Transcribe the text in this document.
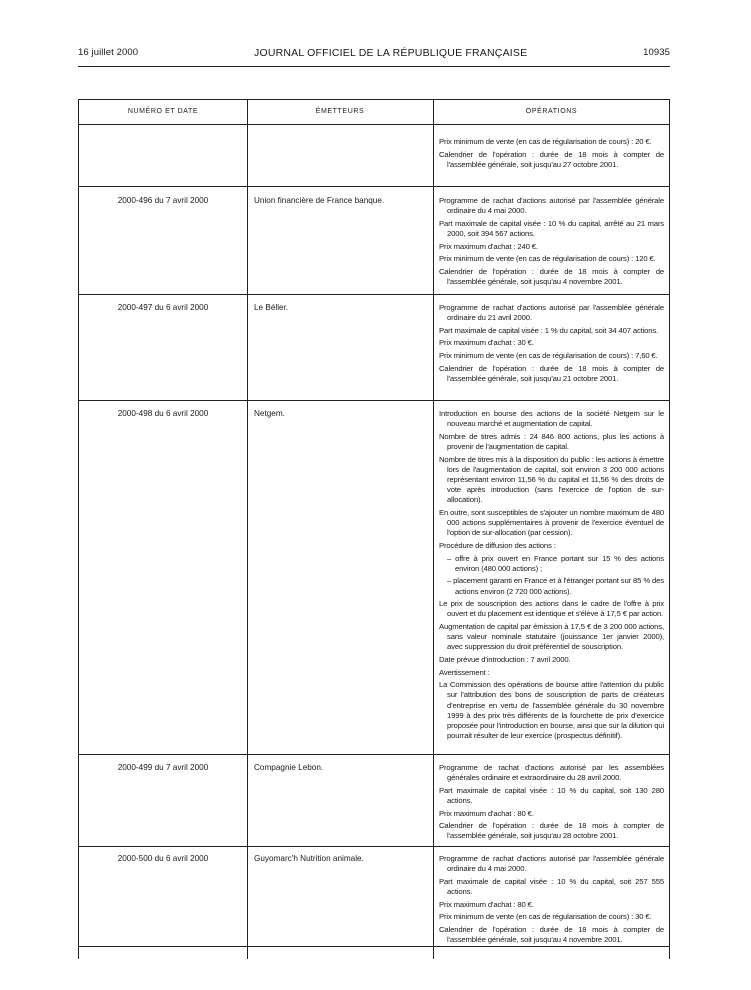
16 juillet 2000	JOURNAL OFFICIEL DE LA RÉPUBLIQUE FRANÇAISE	10935
NUMÉRO ET DATE	ÉMETTEURS	OPÉRATIONS

Prix minimum de vente (en cas de régularisation de cours) : 20 €.

Calendrier de l'opération : durée de 18 mois à compter de l'assemblée générale, soit jusqu'au 27 octobre 2001.

2000-496 du 7 avril 2000	Union financière de France banque.	Programme de rachat d'actions autorisé par l'assemblée générale ordinaire du 4 mai 2000.

Part maximale de capital visée : 10 % du capital, arrêté au 21 mars 2000, soit 394 567 actions.

Prix maximum d'achat : 240 €.

Prix minimum de vente (en cas de régularisation de cours) : 120 €.

Calendrier de l'opération : durée de 18 mois à compter de l'assemblée générale, soit jusqu'au 4 novembre 2001.

2000-497 du 6 avril 2000	Le Béller.	Programme de rachat d'actions autorisé par l'assemblée générale ordinaire du 21 avril 2000.

Part maximale de capital visée : 1 % du capital, soit 34 407 actions.

Prix maximum d'achat : 30 €.

Prix minimum de vente (en cas de régularisation de cours) : 7,60 €.

Calendrier de l'opération : durée de 18 mois à compter de l'assemblée générale, soit jusqu'au 21 octobre 2001.

2000-498 du 6 avril 2000	Netgem.	Introduction en bourse des actions de la société Netgem sur le nouveau marché et augmentation de capital.

Nombre de titres admis : 24 846 800 actions, plus les actions à provenir de l'augmentation de capital.

Nombre de titres mis à la disposition du public : les actions à émettre lors de l'augmentation de capital, soit environ 3 200 000 actions représentant environ 11,56 % du capital et 11,56 % des droits de vote après introduction (sans l'exercice de l'option de sur-allocation).

En outre, sont susceptibles de s'ajouter un nombre maximum de 480 000 actions supplémentaires à provenir de l'exercice éventuel de l'option de sur-allocation (par cession).

Procédure de diffusion des actions :

– offre à prix ouvert en France portant sur 15 % des actions environ (480 000 actions) ;

– placement garanti en France et à l'étranger portant sur 85 % des actions environ (2 720 000 actions).

Le prix de souscription des actions dans le cadre de l'offre à prix ouvert et du placement est identique et s'élève à 17,5 € par action.

Augmentation de capital par émission à 17,5 € de 3 200 000 actions, sans valeur nominale statutaire (jouissance 1er janvier 2000), avec suppression du droit préférentiel de souscription.

Date prévue d'introduction : 7 avril 2000.

Avertissement :

La Commission des opérations de bourse attire l'attention du public sur l'attribution des bons de souscription de parts de créateurs d'entreprise en vertu de l'assemblée générale du 30 novembre 1999 à des prix très différents de la fourchette de prix d'exercice proposée pour l'introduction en bourse, ainsi que sur la dilution qui pourrait résulter de leur exercice (prospectus définitif).

2000-499 du 7 avril 2000	Compagnie Lebon.	Programme de rachat d'actions autorisé par les assemblées générales ordinaire et extraordinaire du 28 avril 2000.

Part maximale de capital visée : 10 % du capital, soit 130 280 actions.

Prix maximum d'achat : 80 €.

Calendrier de l'opération : durée de 18 mois à compter de l'assemblée générale, soit jusqu'au 28 octobre 2001.

2000-500 du 6 avril 2000	Guyomarc'h Nutrition animale.	Programme de rachat d'actions autorisé par l'assemblée générale ordinaire du 4 mai 2000.

Part maximale de capital visée : 10 % du capital, soit 257 555 actions.

Prix maximum d'achat : 80 €.

Prix minimum de vente (en cas de régularisation de cours) : 30 €.

Calendrier de l'opération : durée de 18 mois à compter de l'assemblée générale, soit jusqu'au 4 novembre 2001.
